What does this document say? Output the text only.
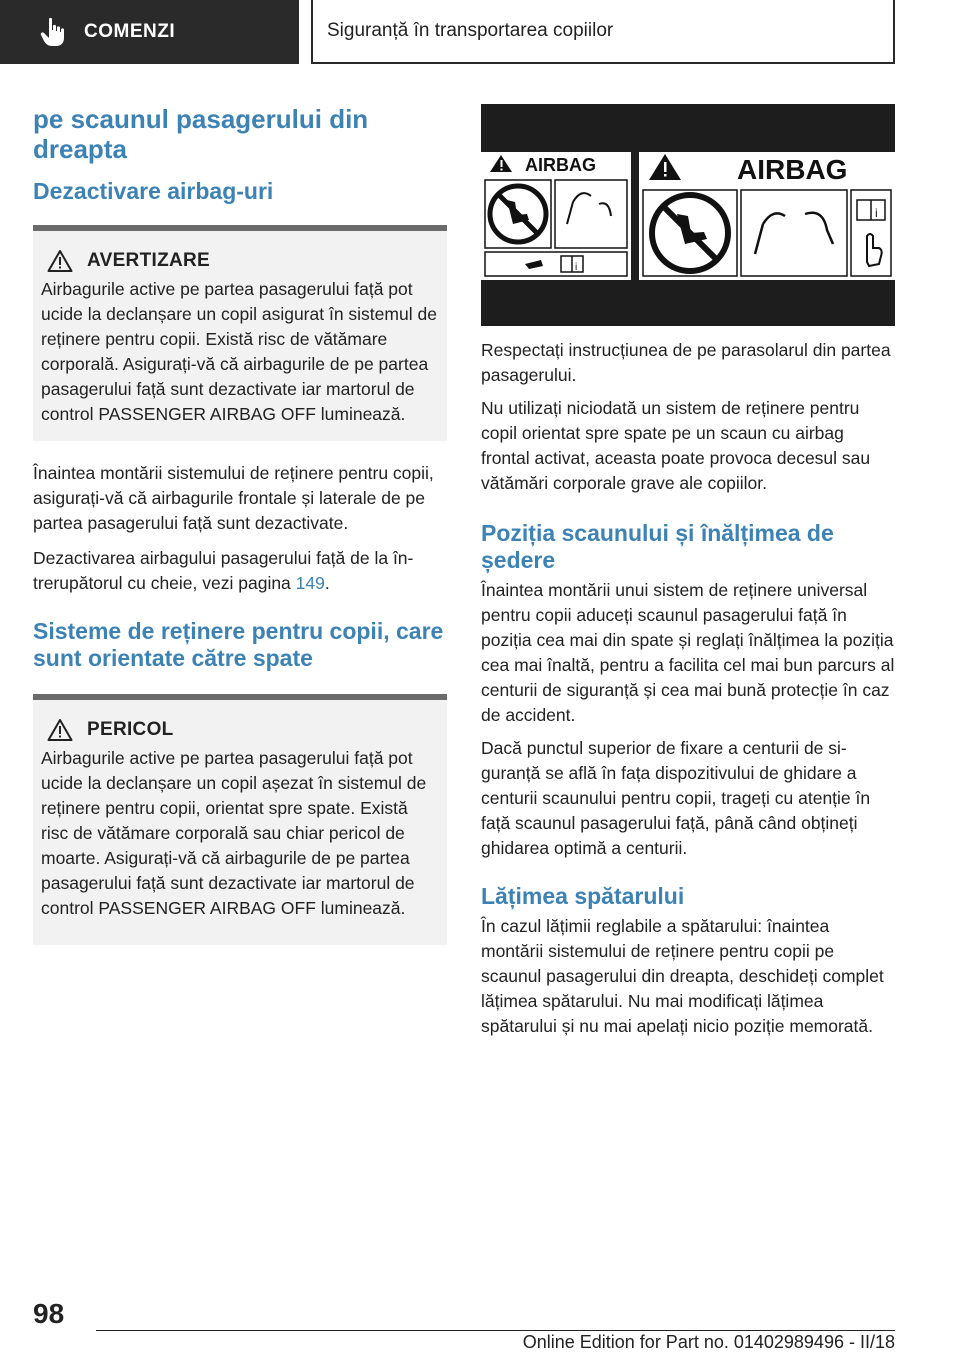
COMENZI	Siguranță în transportarea copiilor
pe scaunul pasagerului din dreapta
Dezactivare airbag-uri
AVERTIZARE

Airbagurile active pe partea pasagerului față pot ucide la declanșare un copil asigurat în sistemul de reținere pentru copii. Există risc de vătămare corporală. Asigurați-vă că airbagurile de pe partea pasagerului față sunt dezactivate iar martorul de control PASSENGER AIRBAG OFF luminează.

Înaintea montării sistemului de reținere pentru copii, asigurați-vă că airbagurile frontale și laterale de pe partea pasagerului față sunt dezactivate.

Dezactivarea airbagului pasagerului față de la întrerupătorul cu cheie, vezi pagina 149.

Sisteme de reținere pentru copii, care sunt orientate către spate
PERICOL

Airbagurile active pe partea pasagerului față pot ucide la declanșare un copil așezat în sistemul de reținere pentru copii, orientat spre spate. Există risc de vătămare corporală sau chiar pericol de moarte. Asigurați-vă că airbagurile de pe partea pasagerului față sunt dezactivate iar martorul de control PASSENGER AIRBAG OFF luminează.

AIRBAG
i
AIRBAG
i

Respectați instrucțiunea de pe parasolarul din partea pasagerului.

Nu utilizați niciodată un sistem de reținere pentru copil orientat spre spate pe un scaun cu airbag frontal activat, aceasta poate provoca decesul sau vătămări corporale grave ale copiilor.

Poziția scaunului și înălțimea de ședere

Înaintea montării unui sistem de reținere universal pentru copii aduceți scaunul pasagerului față în poziția cea mai din spate și reglați înălțimea la poziția cea mai înaltă, pentru a facilita cel mai bun parcurs al centurii de siguranță și cea mai bună protecție în caz de accident.

Dacă punctul superior de fixare a centurii de siguranță se află în fața dispozitivului de ghidare a centurii scaunului pentru copii, trageți cu atenție în față scaunul pasagerului față, până când obțineți ghidarea optimă a centurii.

Lățimea spătarului

În cazul lățimii reglabile a spătarului: înaintea montării sistemului de reținere pentru copii pe scaunul pasagerului din dreapta, deschideți complet lățimea spătarului. Nu mai modificați lățimea spătarului și nu mai apelați nicio poziție memorată.

98
Online Edition for Part no. 01402989496 - II/18
